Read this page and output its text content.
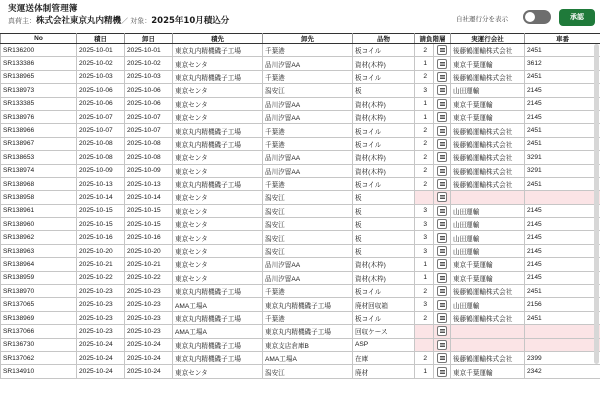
実運送体制管理簿
真荷主：株式会社東京丸内精機／ 対象：2025年10月積込分	自社運行分を表示	承認
No	積日	卸日	積先	卸先	品物	請負階層		実運行会社	車番
SR136200	2025-10-01	2025-10-01	東京丸内精機磯子工場	千葉港	板コイル	2		後藤鶴運輸株式会社	2451
SR133386	2025-10-02	2025-10-02	東京センタ	品川汐留AA	資材(木枠)	1		東京千葉運輸	3612
SR138965	2025-10-03	2025-10-03	東京丸内精機磯子工場	千葉港	板コイル	2		後藤鶴運輸株式会社	2451
SR138973	2025-10-06	2025-10-06	東京センタ	潟安江	板	3		山田運輸	2145
SR133385	2025-10-06	2025-10-06	東京センタ	品川汐留AA	資材(木枠)	1		東京千葉運輸	2145
SR138976	2025-10-07	2025-10-07	東京センタ	品川汐留AA	資材(木枠)	1		東京千葉運輸	2145
SR138966	2025-10-07	2025-10-07	東京丸内精機磯子工場	千葉港	板コイル	2		後藤鶴運輸株式会社	2451
SR138967	2025-10-08	2025-10-08	東京丸内精機磯子工場	千葉港	板コイル	2		後藤鶴運輸株式会社	2451
SR138653	2025-10-08	2025-10-08	東京センタ	品川汐留AA	資材(木枠)	2		後藤鶴運輸株式会社	3291
SR138974	2025-10-09	2025-10-09	東京センタ	品川汐留AA	資材(木枠)	2		後藤鶴運輸株式会社	3291
SR138968	2025-10-13	2025-10-13	東京丸内精機磯子工場	千葉港	板コイル	2		後藤鶴運輸株式会社	2451
SR138958	2025-10-14	2025-10-14	東京センタ	潟安江	板				
SR138961	2025-10-15	2025-10-15	東京センタ	潟安江	板	3		山田運輸	2145
SR138960	2025-10-15	2025-10-15	東京センタ	潟安江	板	3		山田運輸	2145
SR138962	2025-10-16	2025-10-16	東京センタ	潟安江	板	3		山田運輸	2145
SR138963	2025-10-20	2025-10-20	東京センタ	潟安江	板	3		山田運輸	2145
SR138964	2025-10-21	2025-10-21	東京センタ	品川汐留AA	資材(木枠)	1		東京千葉運輸	2145
SR138959	2025-10-22	2025-10-22	東京センタ	品川汐留AA	資材(木枠)	1		東京千葉運輸	2145
SR138970	2025-10-23	2025-10-23	東京丸内精機磯子工場	千葉港	板コイル	2		後藤鶴運輸株式会社	2451
SR137065	2025-10-23	2025-10-23	AMA工場A	東京丸内精機磯子工場	廃材回収箱	3		山田運輸	2156
SR138969	2025-10-23	2025-10-23	東京丸内精機磯子工場	千葉港	板コイル	2		後藤鶴運輸株式会社	2451
SR137066	2025-10-23	2025-10-23	AMA工場A	東京丸内精機磯子工場	回収ケース				
SR136730	2025-10-24	2025-10-24	東京丸内精機磯子工場	東京支店倉庫B	ASP				
SR137062	2025-10-24	2025-10-24	東京丸内精機磯子工場	AMA工場A	在庫	2		後藤鶴運輸株式会社	2399
SR134910	2025-10-24	2025-10-24	東京センタ	潟安江	廃材	1		東京千葉運輸	2342
